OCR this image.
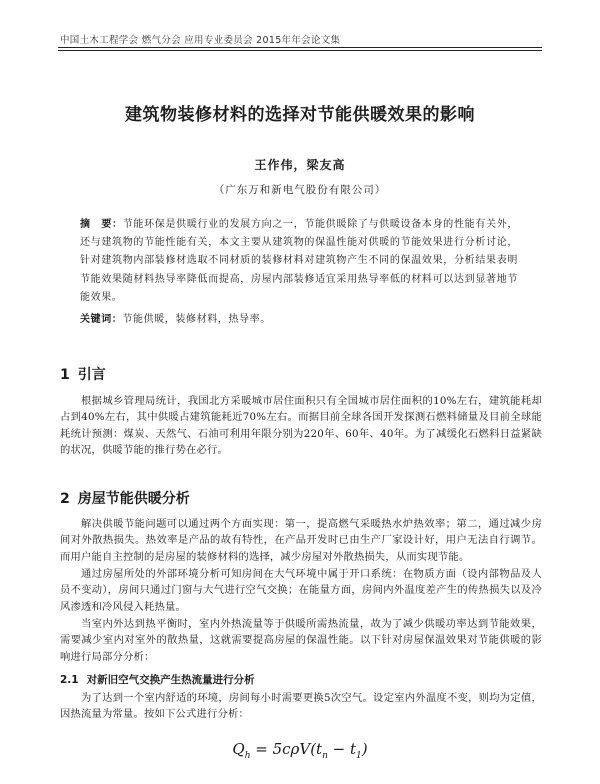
中国土木工程学会 燃气分会 应用专业委员会 2015年年会论文集
建筑物装修材料的选择对节能供暖效果的影响
王作伟，梁友高
（广东万和新电气股份有限公司）
摘　要：节能环保是供暖行业的发展方向之一，节能供暖除了与供暖设备本身的性能有关外，还与建筑物的节能性能有关，本文主要从建筑物的保温性能对供暖的节能效果进行分析讨论，针对建筑物内部装修材选取不同材质的装修材料对建筑物产生不同的保温效果，分析结果表明节能效果随材料热导率降低而提高，房屋内部装修适宜采用热导率低的材料可以达到显著地节能效果。
关键词：节能供暖，装修材料，热导率。
1 引言
根据城乡管理局统计，我国北方采暖城市居住面积只有全国城市居住面积的10%左右，建筑能耗却占到40%左右，其中供暖占建筑能耗近70%左右。而据目前全球各国开发探测石燃料储量及目前全球能耗统计预测：煤炭、天然气、石油可利用年限分别为220年、60年、40年。为了减缓化石燃料日益紧缺的状况，供暖节能的推行势在必行。
2 房屋节能供暖分析
解决供暖节能问题可以通过两个方面实现：第一，提高燃气采暖热水炉热效率；第二，通过减少房间对外散热损失。热效率是产品的故有特性，在产品开发时已由生产厂家设计好，用户无法自行调节。而用户能自主控制的是房屋的装修材料的选择，减少房屋对外散热损失，从而实现节能。
通过房屋所处的外部环境分析可知房间在大气环境中属于开口系统：在物质方面（设内部物品及人员不变动），房间只通过门窗与大气进行空气交换；在能量方面，房间内外温度差产生的传热损失以及冷风渗透和冷风侵入耗热量。
当室内外达到热平衡时，室内外热流量等于供暖所需热流量，故为了减少供暖功率达到节能效果，需要减少室内对室外的散热量，这就需要提高房屋的保温性能。以下针对房屋保温效果对节能供暖的影响进行局部分分析：
2.1 对新旧空气交换产生热流量进行分析
为了达到一个室内舒适的环境，房间每小时需要更换5次空气。设定室内外温度不变，则均为定值，因热流量为常量。按如下公式进行分析：
$Q_h = 5c\rho V(t_n - t_1)$
